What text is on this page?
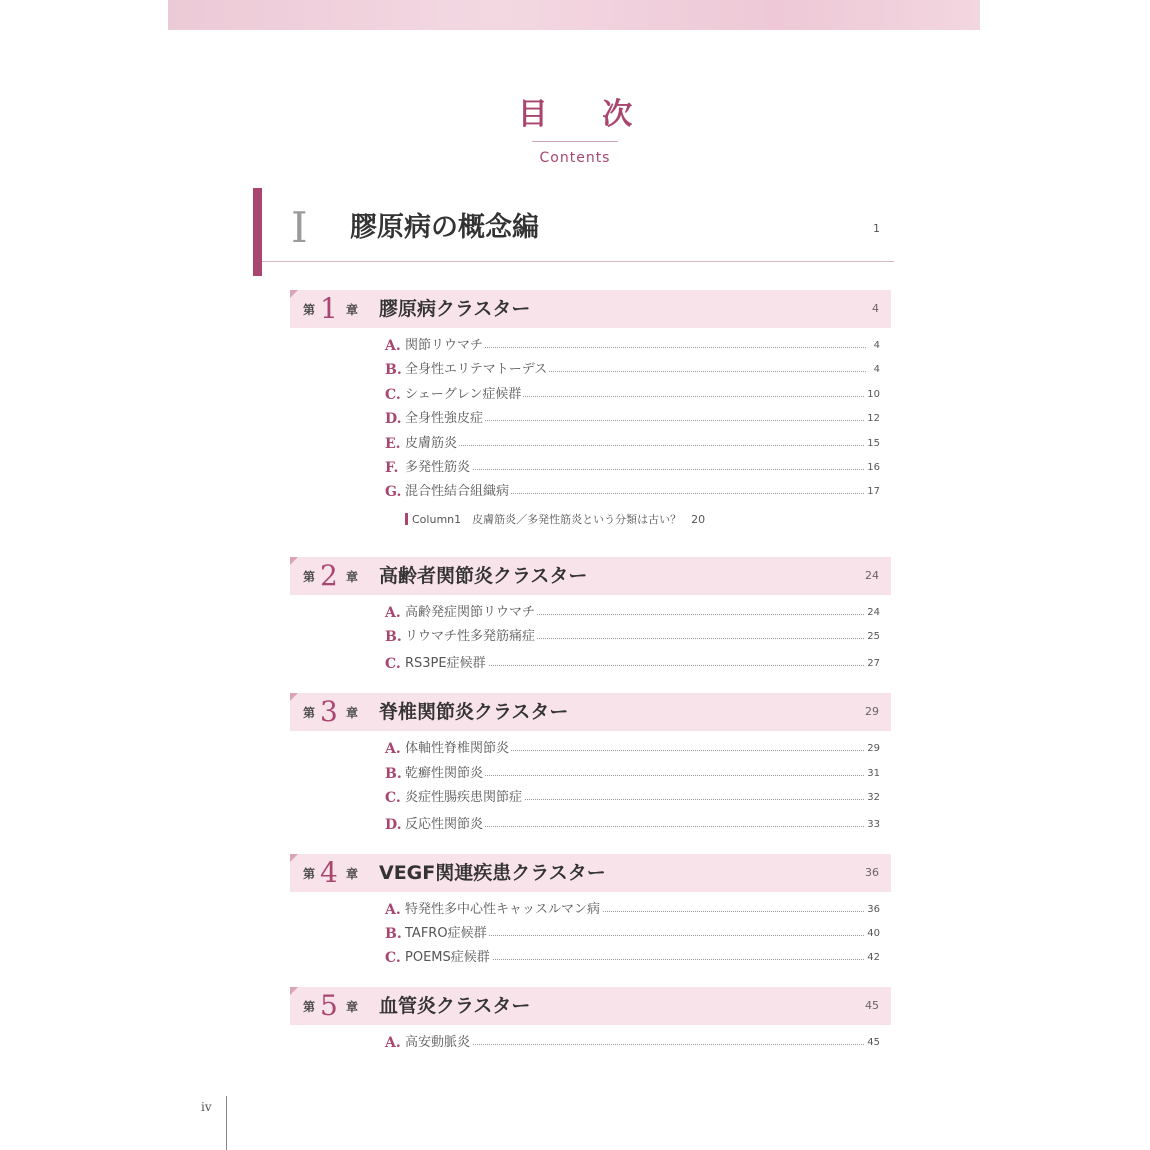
目 次
Contents
I 膠原病の概念編	1
第 1 章 膠原病クラスター	4
A. 関節リウマチ	4
B. 全身性エリテマトーデス	4
C. シェーグレン症候群	10
D. 全身性強皮症	12
E. 皮膚筋炎	15
F. 多発性筋炎	16
G. 混合性結合組織病	17
Column1　 皮膚筋炎／多発性筋炎という分類は古い？ 20
第 2 章 高齢者関節炎クラスター	24
A. 高齢発症関節リウマチ	24
B. リウマチ性多発筋痛症	25
C. RS3PE症候群	27
第 3 章 脊椎関節炎クラスター	29
A. 体軸性脊椎関節炎	29
B. 乾癬性関節炎	31
C. 炎症性腸疾患関節症	32
D. 反応性関節炎	33
第 4 章 VEGF関連疾患クラスター	36
A. 特発性多中心性キャッスルマン病	36
B. TAFRO症候群	40
C. POEMS症候群	42
第 5 章 血管炎クラスター	45
A. 高安動脈炎	45
iv
